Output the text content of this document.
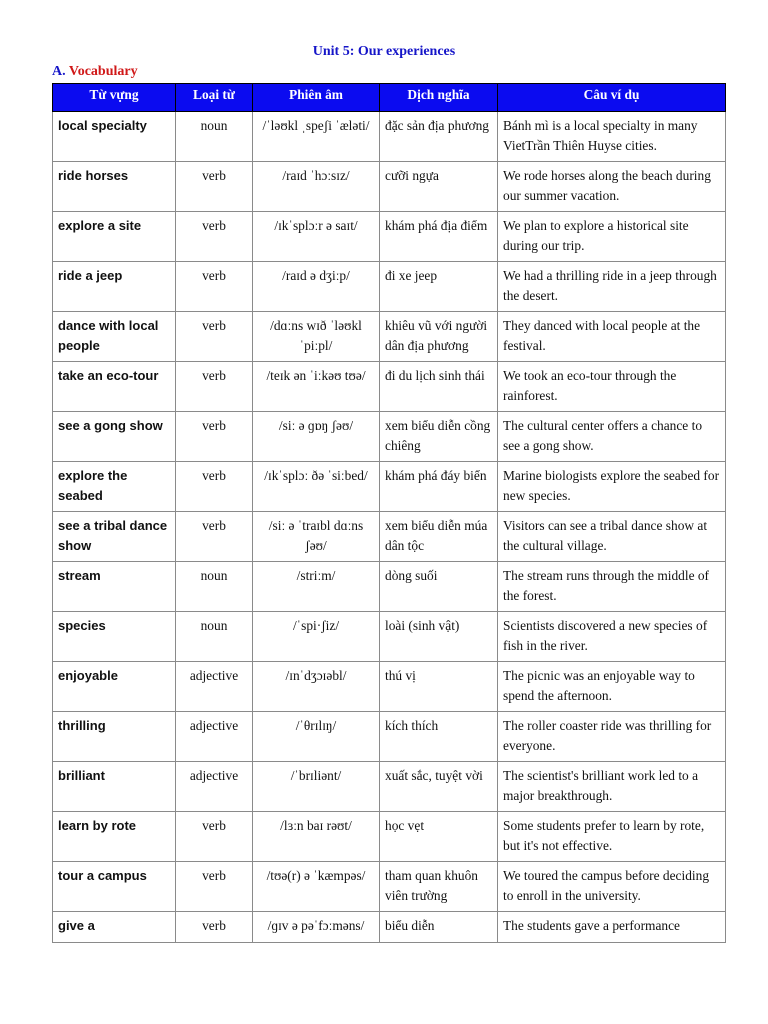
Unit 5: Our experiences
A. Vocabulary
Từ vựng	Loại từ	Phiên âm	Dịch nghĩa	Câu ví dụ
local specialty	noun	/ˈləʊkl ˌspeʃi ˈæləti/	đặc sản địa phương	Bánh mì is a local specialty in many VietTrần Thiên Huyse cities.
ride horses	verb	/raɪd ˈhɔːsɪz/	cưỡi ngựa	We rode horses along the beach during our summer vacation.
explore a site	verb	/ɪkˈsplɔːr ə saɪt/	khám phá địa điểm	We plan to explore a historical site during our trip.
ride a jeep	verb	/raɪd ə dʒiːp/	đi xe jeep	We had a thrilling ride in a jeep through the desert.
dance with local people	verb	/dɑːns wɪð ˈləʊkl ˈpiːpl/	khiêu vũ với người dân địa phương	They danced with local people at the festival.
take an eco-tour	verb	/teɪk ən ˈiːkəʊ tʊə/	đi du lịch sinh thái	We took an eco-tour through the rainforest.
see a gong show	verb	/siː ə ɡɒŋ ʃəʊ/	xem biểu diễn cồng chiêng	The cultural center offers a chance to see a gong show.
explore the seabed	verb	/ɪkˈsplɔː ðə ˈsiːbed/	khám phá đáy biển	Marine biologists explore the seabed for new species.
see a tribal dance show	verb	/siː ə ˈtraɪbl dɑːns ʃəʊ/	xem biểu diễn múa dân tộc	Visitors can see a tribal dance show at the cultural village.
stream	noun	/striːm/	dòng suối	The stream runs through the middle of the forest.
species	noun	/ˈspi·ʃiz/	loài (sinh vật)	Scientists discovered a new species of fish in the river.
enjoyable	adjective	/ɪnˈdʒɔɪəbl/	thú vị	The picnic was an enjoyable way to spend the afternoon.
thrilling	adjective	/ˈθrɪlɪŋ/	kích thích	The roller coaster ride was thrilling for everyone.
brilliant	adjective	/ˈbrɪliənt/	xuất sắc, tuyệt vời	The scientist's brilliant work led to a major breakthrough.
learn by rote	verb	/lɜːn baɪ rəʊt/	học vẹt	Some students prefer to learn by rote, but it's not effective.
tour a campus	verb	/tʊə(r) ə ˈkæmpəs/	tham quan khuôn viên trường	We toured the campus before deciding to enroll in the university.
give a	verb	/ɡɪv ə pəˈfɔːməns/	biểu diễn	The students gave a performance
